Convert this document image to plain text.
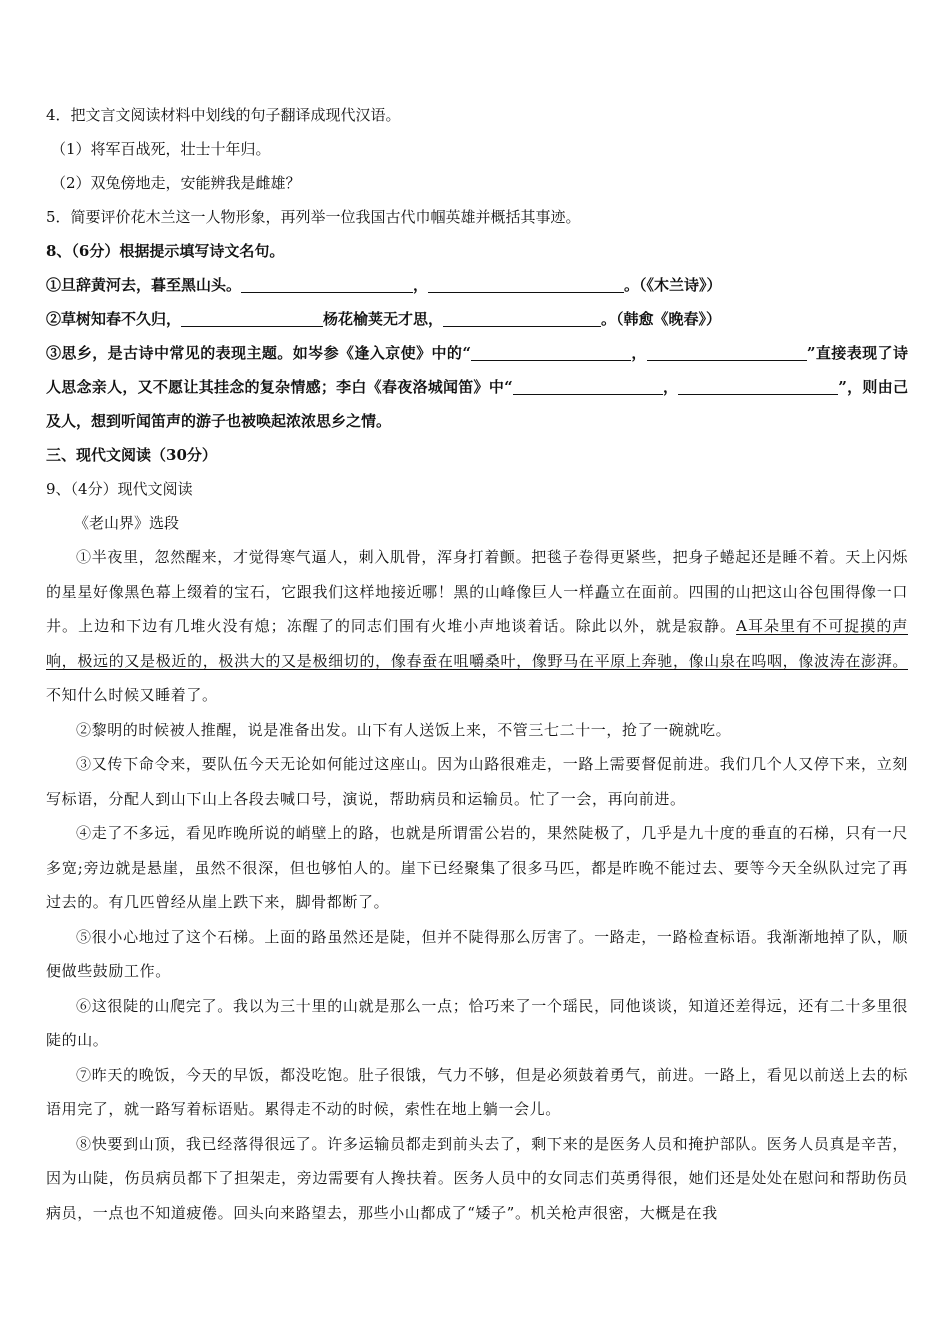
4．把文言文阅读材料中划线的句子翻译成现代汉语。
（1）将军百战死，壮士十年归。
（2）双兔傍地走，安能辨我是雌雄？
5．简要评价花木兰这一人物形象，再列举一位我国古代巾帼英雄并概括其事迹。
8、（6分）根据提示填写诗文名句。
①旦辞黄河去，暮至黑山头。	，	。（《木兰诗》）
②草树知春不久归，	杨花榆荚无才思，	。（韩愈《晚春》）
③思乡，是古诗中常见的表现主题。如岑参《逢入京使》中的“	，	”直接表现了诗人思念亲人，又不愿让其挂念的复杂情感；李白《春夜洛城闻笛》中“	，	”，则由己及人，想到听闻笛声的游子也被唤起浓浓思乡之情。
三、现代文阅读（30分）
9、（4分）现代文阅读
《老山界》选段

①半夜里，忽然醒来，才觉得寒气逼人，刺入肌骨，浑身打着颤。把毯子卷得更紧些，把身子蜷起还是睡不着。天上闪烁的星星好像黑色幕上缀着的宝石，它跟我们这样地接近哪！黑的山峰像巨人一样矗立在面前。四围的山把这山谷包围得像一口井。上边和下边有几堆火没有熄；冻醒了的同志们围有火堆小声地谈着话。除此以外，就是寂静。A耳朵里有不可捉摸的声响，极远的又是极近的，极洪大的又是极细切的，像春蚕在咀嚼桑叶，像野马在平原上奔驰，像山泉在呜咽，像波涛在澎湃。不知什么时候又睡着了。

②黎明的时候被人推醒，说是准备出发。山下有人送饭上来，不管三七二十一，抢了一碗就吃。

③又传下命令来，要队伍今天无论如何能过这座山。因为山路很难走，一路上需要督促前进。我们几个人又停下来，立刻写标语，分配人到山下山上各段去喊口号，演说，帮助病员和运输员。忙了一会，再向前进。

④走了不多远，看见昨晚所说的峭壁上的路，也就是所谓雷公岩的，果然陡极了，几乎是九十度的垂直的石梯，只有一尺多宽;旁边就是悬崖，虽然不很深，但也够怕人的。崖下已经聚集了很多马匹，都是昨晚不能过去、要等今天全纵队过完了再过去的。有几匹曾经从崖上跌下来，脚骨都断了。

⑤很小心地过了这个石梯。上面的路虽然还是陡，但并不陡得那么厉害了。一路走，一路检查标语。我渐渐地掉了队，顺便做些鼓励工作。

⑥这很陡的山爬完了。我以为三十里的山就是那么一点；恰巧来了一个瑶民，同他谈谈，知道还差得远，还有二十多里很陡的山。

⑦昨天的晚饭，今天的早饭，都没吃饱。肚子很饿，气力不够，但是必须鼓着勇气，前进。一路上，看见以前送上去的标语用完了，就一路写着标语贴。累得走不动的时候，索性在地上躺一会儿。

⑧快要到山顶，我已经落得很远了。许多运输员都走到前头去了，剩下来的是医务人员和掩护部队。医务人员真是辛苦，因为山陡，伤员病员都下了担架走，旁边需要有人搀扶着。医务人员中的女同志们英勇得很，她们还是处处在慰问和帮助伤员病员，一点也不知道疲倦。回头向来路望去，那些小山都成了“矮子”。机关枪声很密，大概是在我
